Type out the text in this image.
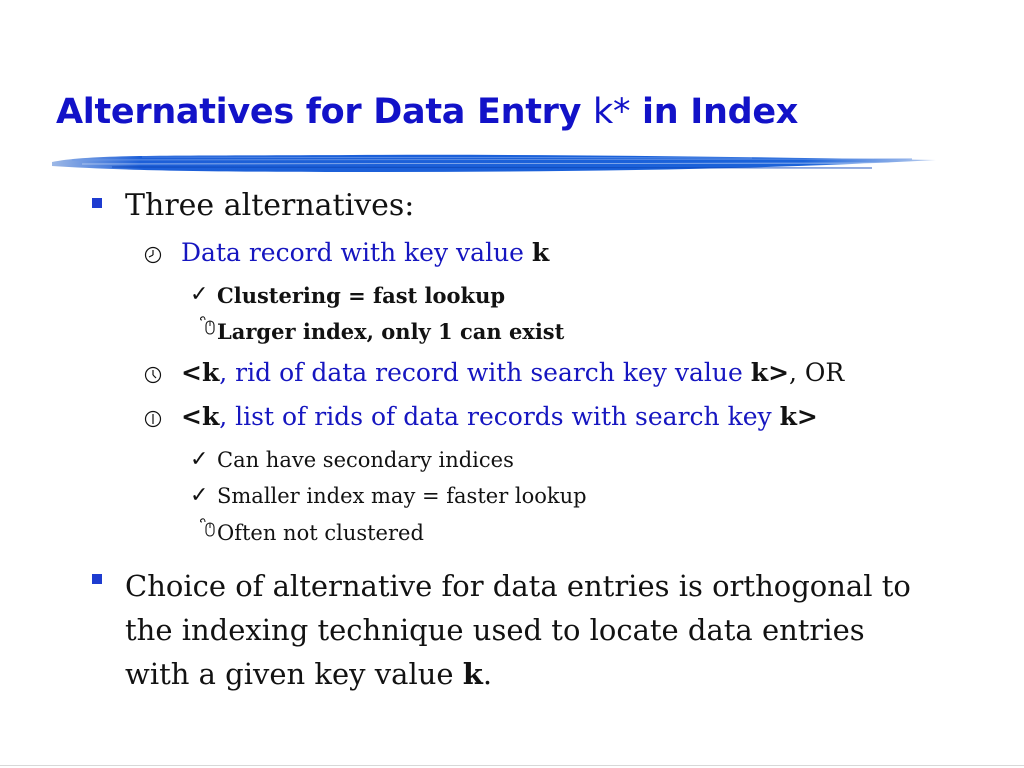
Alternatives for Data Entry k* in Index
Three alternatives:
Data record with key value k
✓ Clustering = fast lookup
Larger index, only 1 can exist
<k, rid of data record with search key value k>, OR
<k, list of rids of data records with search key k>
✓ Can have secondary indices
✓ Smaller index may = faster lookup
Often not clustered
Choice of alternative for data entries is orthogonal to
the indexing technique used to locate data entries
with a given key value k.
